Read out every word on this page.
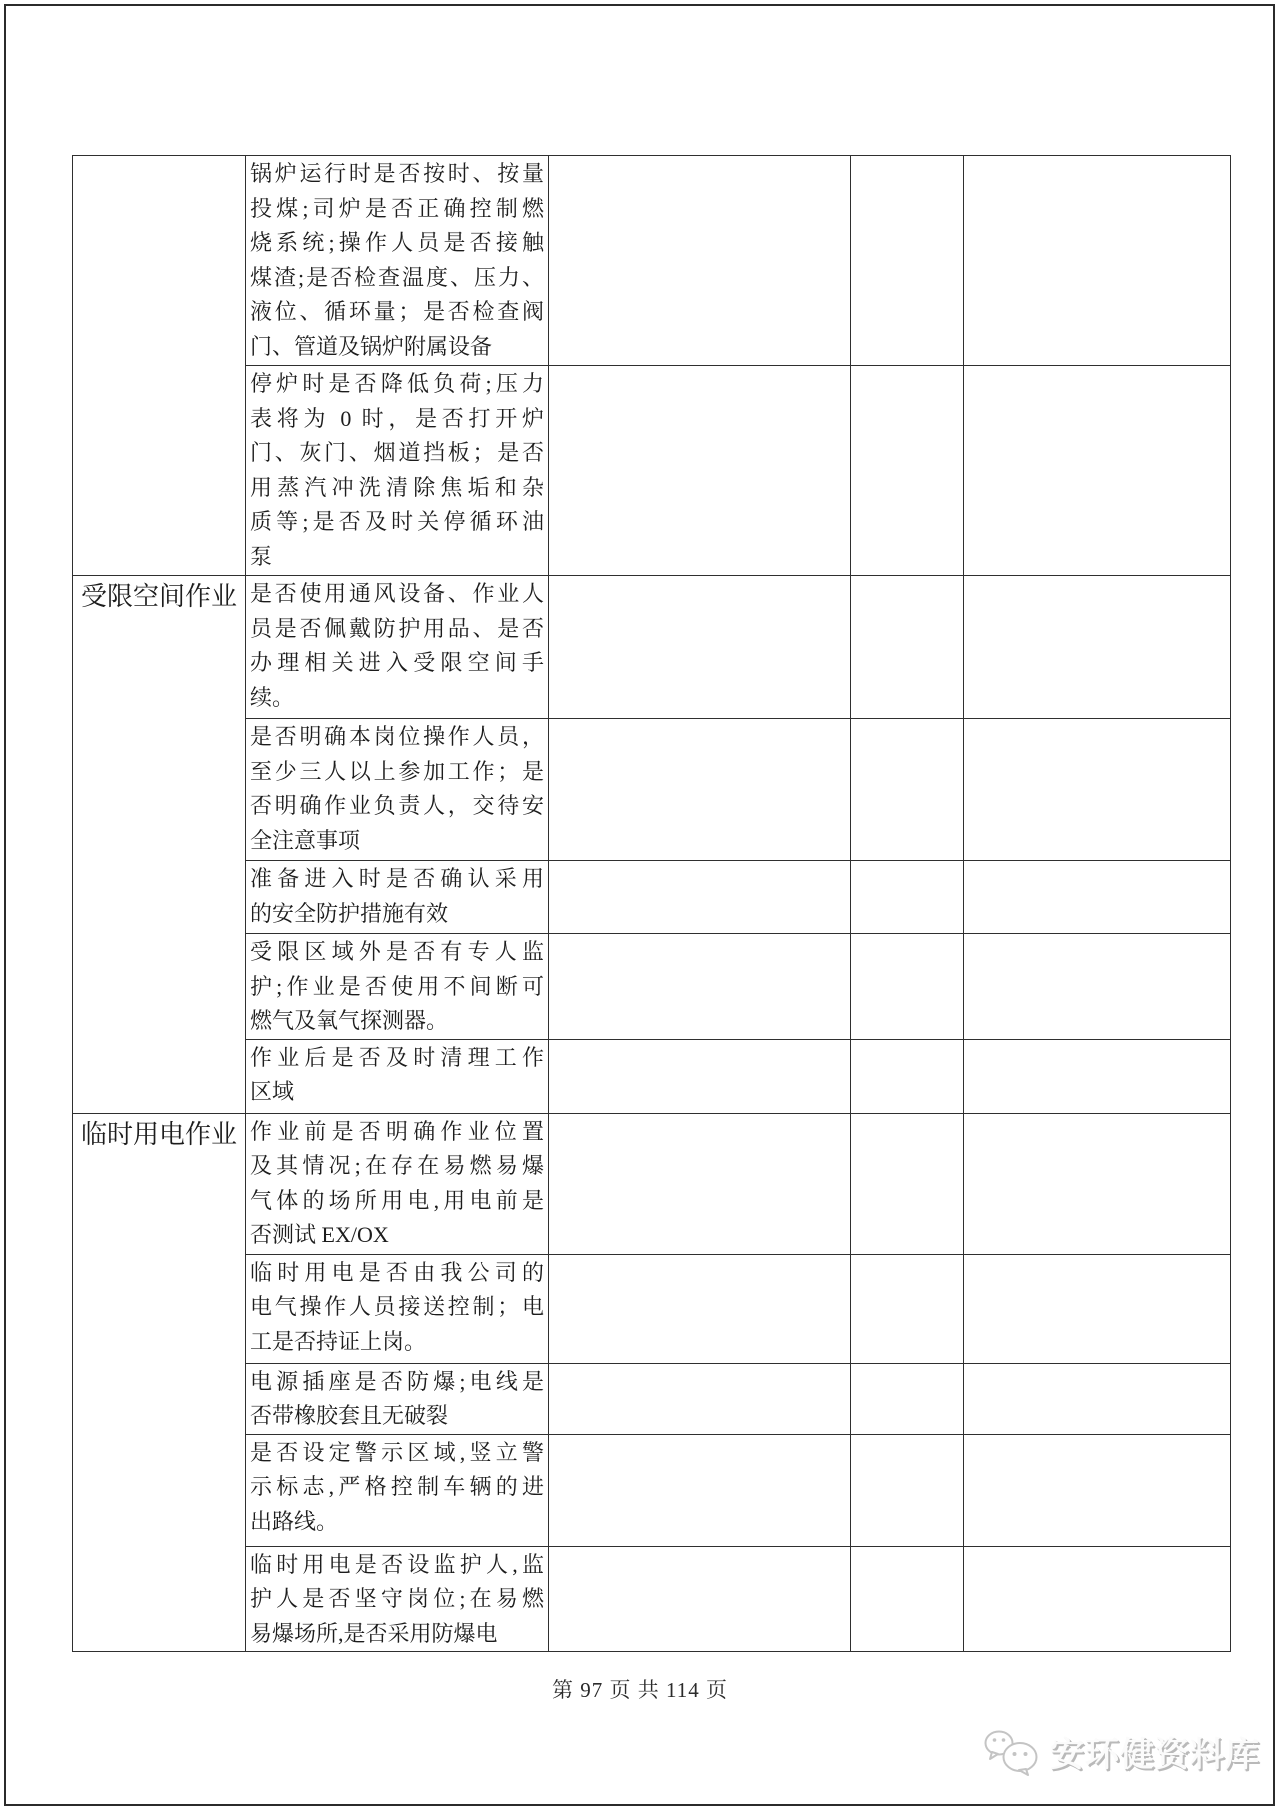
锅炉运行时是否按时、按量
投煤;司炉是否正确控制燃
烧系统;操作人员是否接触
煤渣;是否检查温度、压力、
液位、循环量；是否检查阀
门、管道及锅炉附属设备

停炉时是否降低负荷;压力
表将为 0 时，是否打开炉
门、灰门、烟道挡板；是否
用蒸汽冲洗清除焦垢和杂
质等;是否及时关停循环油
泵

受限空间作业	是否使用通风设备、作业人
员是否佩戴防护用品、是否
办理相关进入受限空间手
续。			

	是否明确本岗位操作人员，
至少三人以上参加工作；是
否明确作业负责人，交待安
全注意事项			

	准备进入时是否确认采用
的安全防护措施有效			

	受限区域外是否有专人监
护;作业是否使用不间断可
燃气及氧气探测器。			

	作业后是否及时清理工作
区域			

临时用电作业	作业前是否明确作业位置
及其情况;在存在易燃易爆
气体的场所用电,用电前是
否测试 EX/OX			

	临时用电是否由我公司的
电气操作人员接送控制；电
工是否持证上岗。			

	电源插座是否防爆;电线是
否带橡胶套且无破裂			

	是否设定警示区域,竖立警
示标志,严格控制车辆的进
出路线。			

	临时用电是否设监护人,监
护人是否坚守岗位;在易燃
易爆场所,是否采用防爆电			

第 97 页 共 114 页
安环健资料库
